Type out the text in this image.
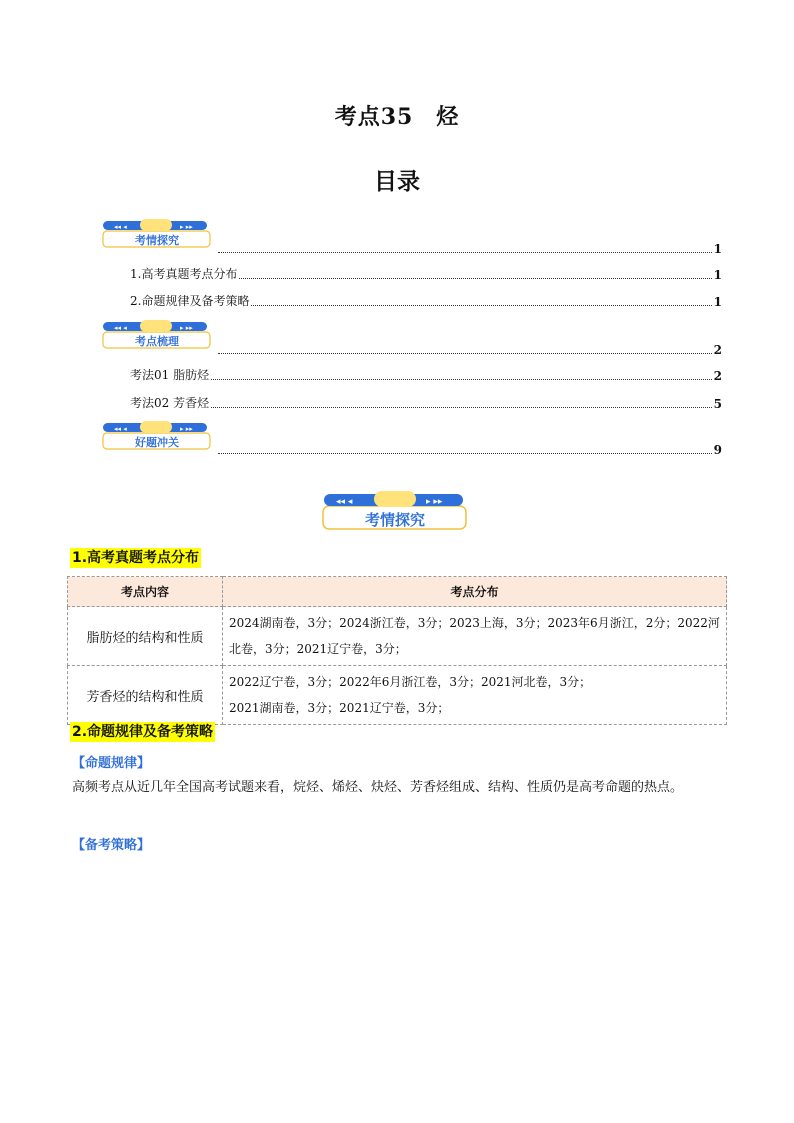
考点35　烃
目录
◂◂ ◂	▸ ▸▸
考情探究
1
1.高考真题考点分布	1
2.命题规律及备考策略	1
◂◂ ◂	▸ ▸▸
考点梳理
2
考法01 脂肪烃	2
考法02 芳香烃	5
◂◂ ◂	▸ ▸▸
好题冲关
9
◂◂ ◂	▸ ▸▸
考情探究
1.高考真题考点分布
考点内容	考点分布
脂肪烃的结构和性质	2024湖南卷，3分；2024浙江卷，3分；2023上海，3分；2023年6月浙江，2分；2022河北卷，3分；2021辽宁卷，3分；
芳香烃的结构和性质	2022辽宁卷，3分；2022年6月浙江卷，3分；2021河北卷，3分；
2021湖南卷，3分；2021辽宁卷，3分；
2.命题规律及备考策略
【命题规律】
高频考点从近几年全国高考试题来看，烷烃、烯烃、炔烃、芳香烃组成、结构、性质仍是高考命题的热点。
【备考策略】
